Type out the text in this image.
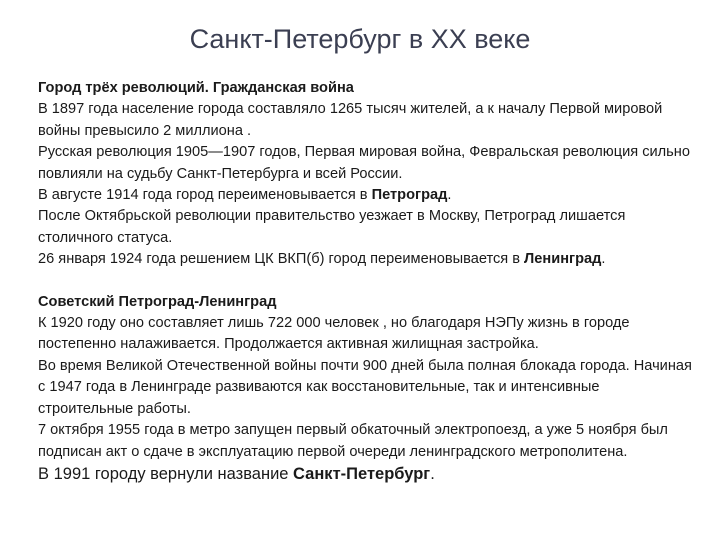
Санкт-Петербург в XX веке

Город трёх революций. Гражданская война

В 1897 года население города составляло 1265 тысяч жителей, а к началу Первой мировой войны превысило 2 миллиона .

Русская революция 1905—1907 годов, Первая мировая война, Февральская революция сильно повлияли на судьбу Санкт-Петербурга и всей России.

В августе 1914 года город переименовывается в Петроград.

После Октябрьской революции правительство уезжает в Москву, Петроград лишается столичного статуса.

26 января 1924 года решением ЦК ВКП(б) город переименовывается в Ленинград.

Советский Петроград-Ленинград

К 1920 году оно составляет лишь 722 000 человек , но благодаря НЭПу жизнь в городе постепенно налаживается. Продолжается активная жилищная застройка.

Во время Великой Отечественной войны почти 900 дней была полная блокада города. Начиная с 1947 года в Ленинграде развиваются как восстановительные, так и интенсивные строительные работы.

7 октября 1955 года в метро запущен первый обкаточный электропоезд, а уже 5 ноября был подписан акт о сдаче в эксплуатацию первой очереди ленинградского метрополитена.

В 1991 городу вернули название Санкт-Петербург.
